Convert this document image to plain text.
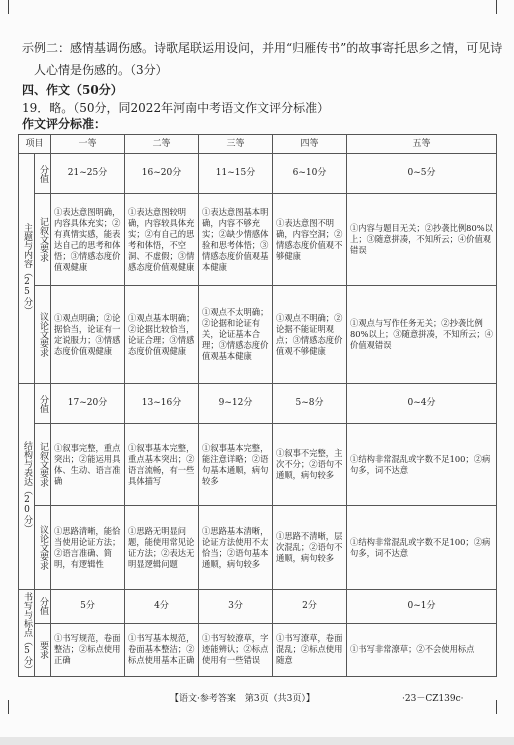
示例二：感情基调伤感。诗歌尾联运用设问，并用“归雁传书”的故事寄托思乡之情，可见诗
人心情是伤感的。（3分）
四、作文（50分）
19．略。（50分，同2022年河南中考语文作文评分标准）
作文评分标准：
项目		一等	二等	三等	四等	五等
主题与内容（25分）	分值	21~25分	16~20分	11~15分	6~10分	0~5分
	记叙文要求	①表达意图明确，内容具体充实；②有真情实感，能表达自己的思考和体悟；③情感态度价值观健康	①表达意图较明确，内容较具体充实；②有自己的思考和体悟，不空洞、不虚假；③情感态度价值观健康	①表达意图基本明确，内容不够充实；②缺少情感体验和思考体悟；③情感态度价值观基本健康	①表达意图不明确，内容空洞；②情感态度价值观不够健康	①内容与题目无关；②抄袭比例80%以上；③随意拼凑，不知所云；④价值观错误
	议论文要求	①观点明确；②论据恰当，论证有一定说服力；③情感态度价值观健康	①观点基本明确；②论据比较恰当，论证合理；③情感态度价值观健康	①观点不太明确；②论据和论证有关，论证基本合理；③情感态度价值观基本健康	①观点不明确；②论据不能证明观点；③情感态度价值观不够健康	①观点与写作任务无关；②抄袭比例80%以上；③随意拼凑，不知所云；④价值观错误
结构与表达（20分）	分值	17~20分	13~16分	9~12分	5~8分	0~4分
	记叙文要求	①叙事完整，重点突出；②能运用具体、生动、语言准确	①叙事基本完整，重点基本突出；②语言流畅，有一些具体描写	①叙事基本完整，能注意详略；②语句基本通顺，病句较多	①叙事不完整，主次不分；②语句不通顺，病句较多	①结构非常混乱或字数不足100；②病句多，词不达意
	议论文要求	①思路清晰，能恰当使用论证方法；②语言准确、简明，有逻辑性	①思路无明显问题，能使用常见论证方法；②表达无明显逻辑问题	①思路基本清晰，论证方法使用不太恰当；②语句基本通顺，病句较多	①思路不清晰，层次混乱；②语句不通顺，病句较多	①结构非常混乱或字数不足100；②病句多，词不达意
书写与标点（5分）	分值	5分	4分	3分	2分	0~1分
	要求	①书写规范，卷面整洁；②标点使用正确	①书写基本规范，卷面基本整洁；②标点使用基本正确	①书写较潦草，字迹能辨认；②标点使用有一些错误	①书写潦草，卷面混乱；②标点使用随意	①书写非常潦草；②不会使用标点
【语文·参考答案　第3页（共3页）】	·23－CZ139c·
